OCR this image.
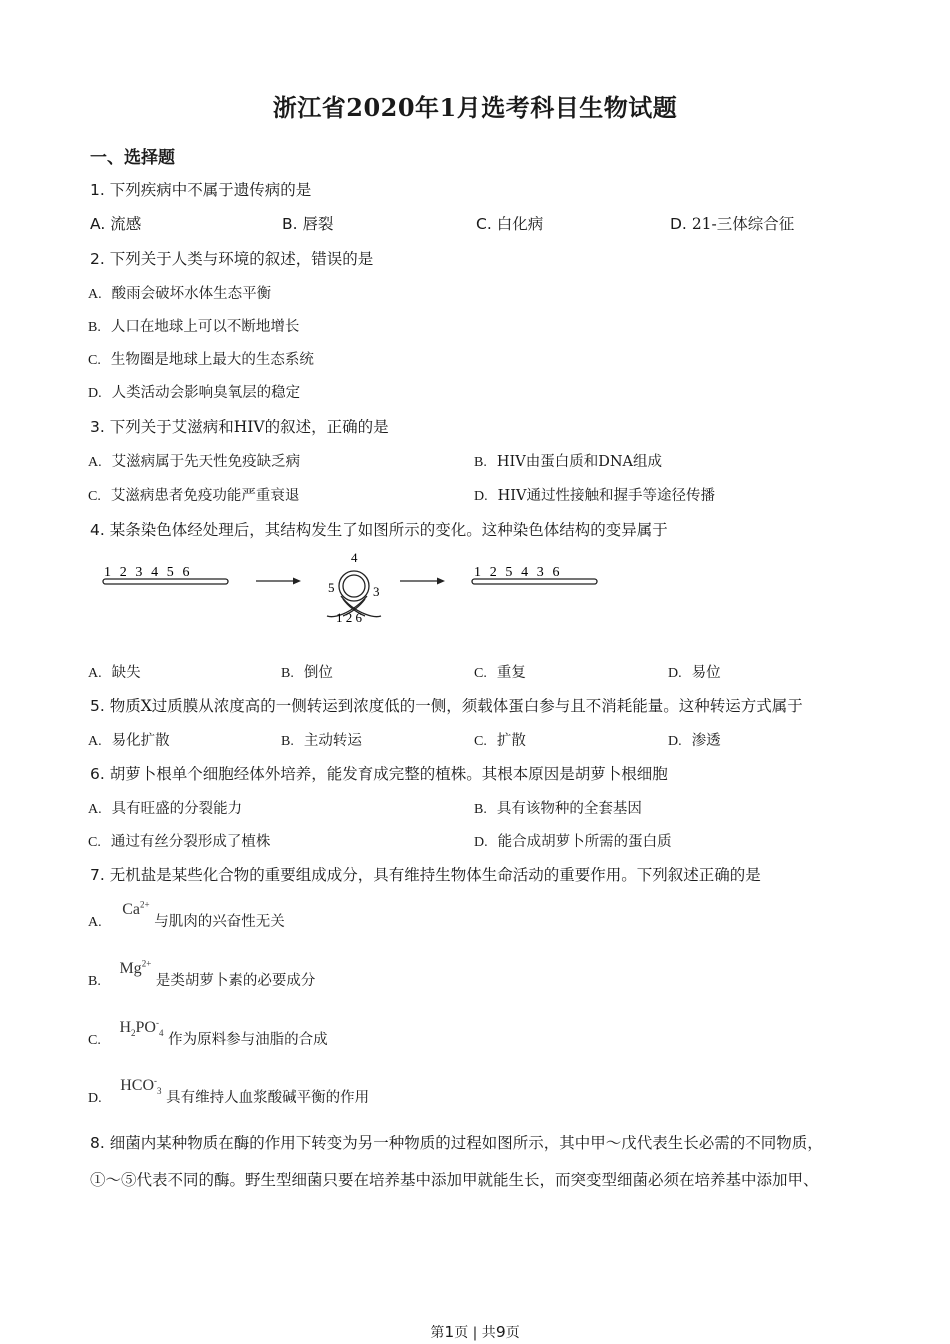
浙江省2020年1月选考科目生物试题
一、选择题
1. 下列疾病中不属于遗传病的是
A. 流感	B. 唇裂	C. 白化病	D. 21-三体综合征
2. 下列关于人类与环境的叙述，错误的是
A. 酸雨会破坏水体生态平衡
B. 人口在地球上可以不断地增长
C. 生物圈是地球上最大的生态系统
D. 人类活动会影响臭氧层的稳定
3. 下列关于艾滋病和HIV的叙述，正确的是
A. 艾滋病属于先天性免疫缺乏病	B. HIV由蛋白质和DNA组成
C. 艾滋病患者免疫功能严重衰退	D. HIV通过性接触和握手等途径传播
4. 某条染色体经处理后，其结构发生了如图所示的变化。这种染色体结构的变异属于
1 2 3 4 5 6
4
5	3
1 2 6
1 2 5 4 3 6
A. 缺失	B. 倒位	C. 重复	D. 易位
5. 物质X过质膜从浓度高的一侧转运到浓度低的一侧，须载体蛋白参与且不消耗能量。这种转运方式属于
A. 易化扩散	B. 主动转运	C. 扩散	D. 渗透
6. 胡萝卜根单个细胞经体外培养，能发育成完整的植株。其根本原因是胡萝卜根细胞
A. 具有旺盛的分裂能力	B. 具有该物种的全套基因
C. 通过有丝分裂形成了植株	D. 能合成胡萝卜所需的蛋白质
7. 无机盐是某些化合物的重要组成成分，具有维持生物体生命活动的重要作用。下列叙述正确的是
A. $Ca^{2+}$ 与肌肉的兴奋性无关
B. $Mg^{2+}$ 是类胡萝卜素的必要成分
C. $H_2PO^-_4$ 作为原料参与油脂的合成
D. $HCO^-_3$ 具有维持人血浆酸碱平衡的作用
8. 细菌内某种物质在酶的作用下转变为另一种物质的过程如图所示，其中甲～戊代表生长必需的不同物质，
①～⑤代表不同的酶。野生型细菌只要在培养基中添加甲就能生长，而突变型细菌必须在培养基中添加甲、
第1页 | 共9页
